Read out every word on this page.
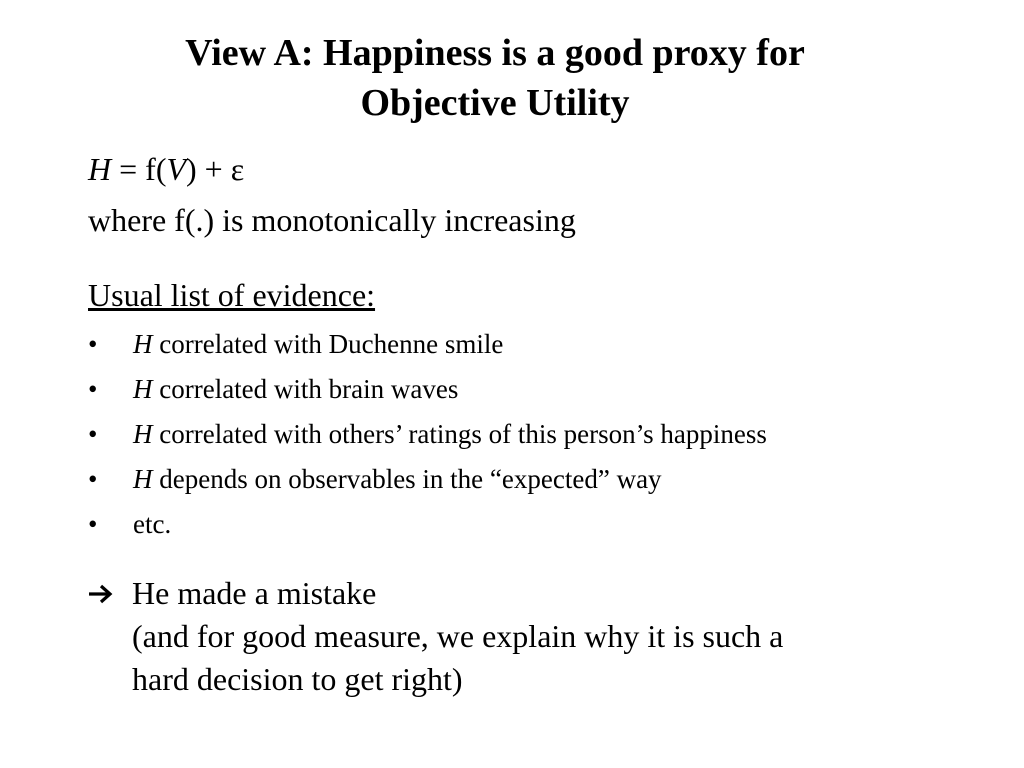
View A: Happiness is a good proxy for
Objective Utility
H = f(V) + ε
where f(.) is monotonically increasing
Usual list of evidence:
• H correlated with Duchenne smile
• H correlated with brain waves
• H correlated with others’ ratings of this person’s happiness
• H depends on observables in the “expected” way
• etc.
He made a mistake
(and for good measure, we explain why it is such a
hard decision to get right)
